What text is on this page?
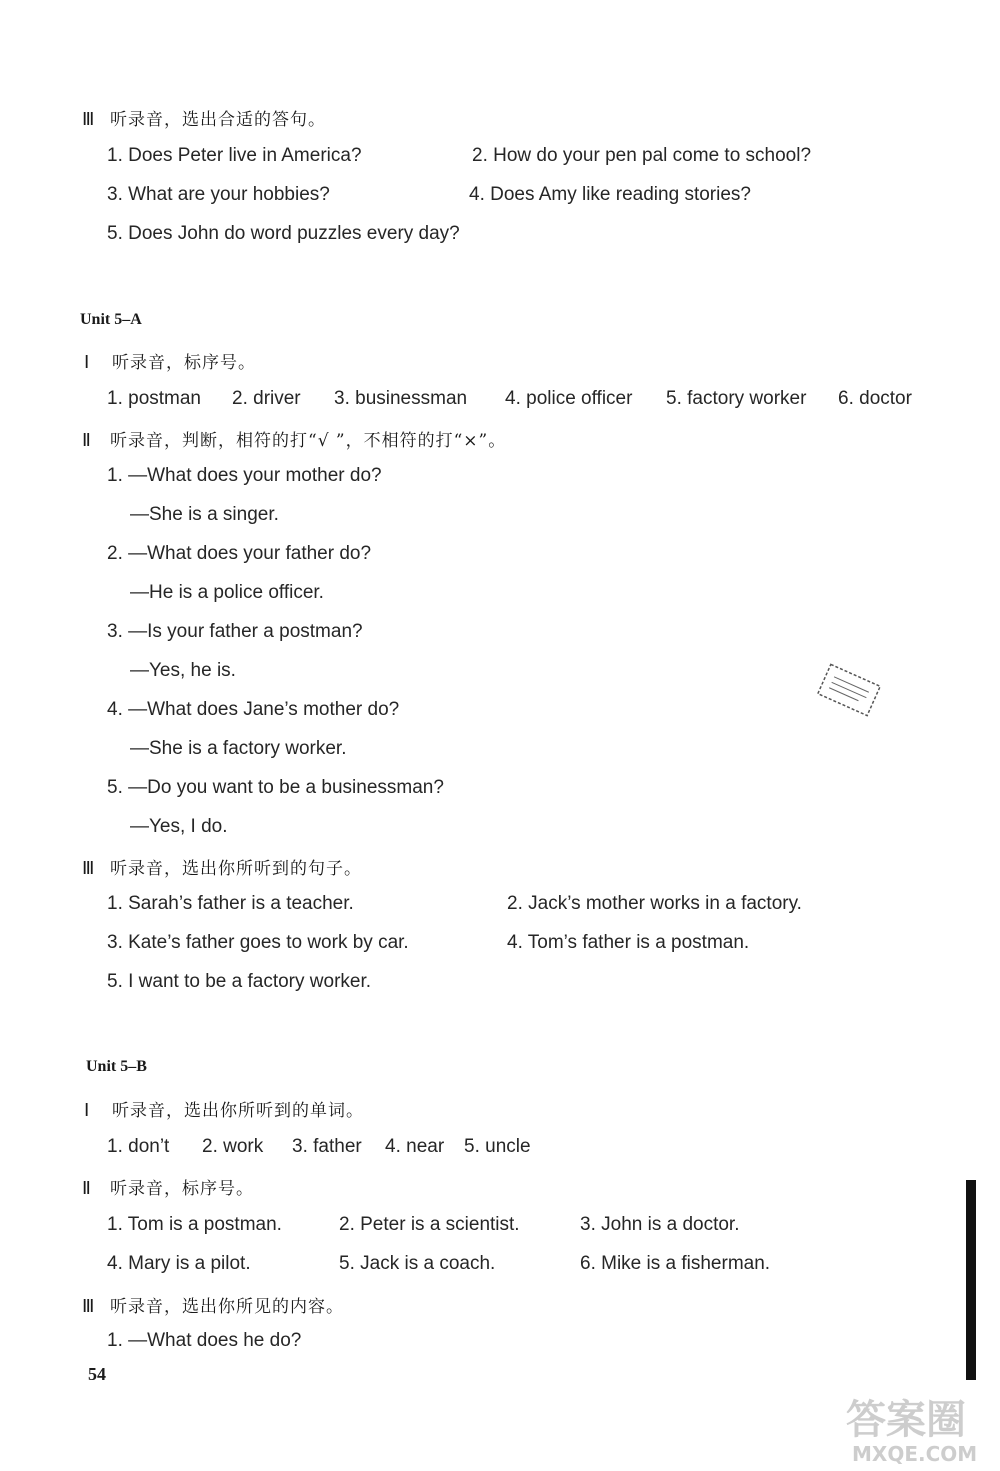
Ⅲ 听录音，选出合适的答句。
1. Does Peter live in America?	2. How do your pen pal come to school?
3. What are your hobbies?	4. Does Amy like reading stories?
5. Does John do word puzzles every day?
Unit 5–A
Ⅰ 听录音，标序号。
1. postman 2. driver 3. businessman 4. police officer 5. factory worker 6. doctor
Ⅱ 听录音，判断，相符的打“√ ”，不相符的打“×”。
1. —What does your mother do?
—She is a singer.
2. —What does your father do?
—He is a police officer.
3. —Is your father a postman?
—Yes, he is.
4. —What does Jane’s mother do?
—She is a factory worker.
5. —Do you want to be a businessman?
—Yes, I do.
Ⅲ 听录音，选出你所听到的句子。
1. Sarah’s father is a teacher.	2. Jack’s mother works in a factory.
3. Kate’s father goes to work by car.	4. Tom’s father is a postman.
5. I want to be a factory worker.
Unit 5–B
Ⅰ 听录音，选出你所听到的单词。
1. don’t 2. work 3. father 4. near 5. uncle
Ⅱ 听录音，标序号。
1. Tom is a postman.	2. Peter is a scientist.	3. John is a doctor.
4. Mary is a pilot.	5. Jack is a coach.	6. Mike is a fisherman.
Ⅲ 听录音，选出你所见的内容。
1. —What does he do?
54
答案圈
MXQE.COM
